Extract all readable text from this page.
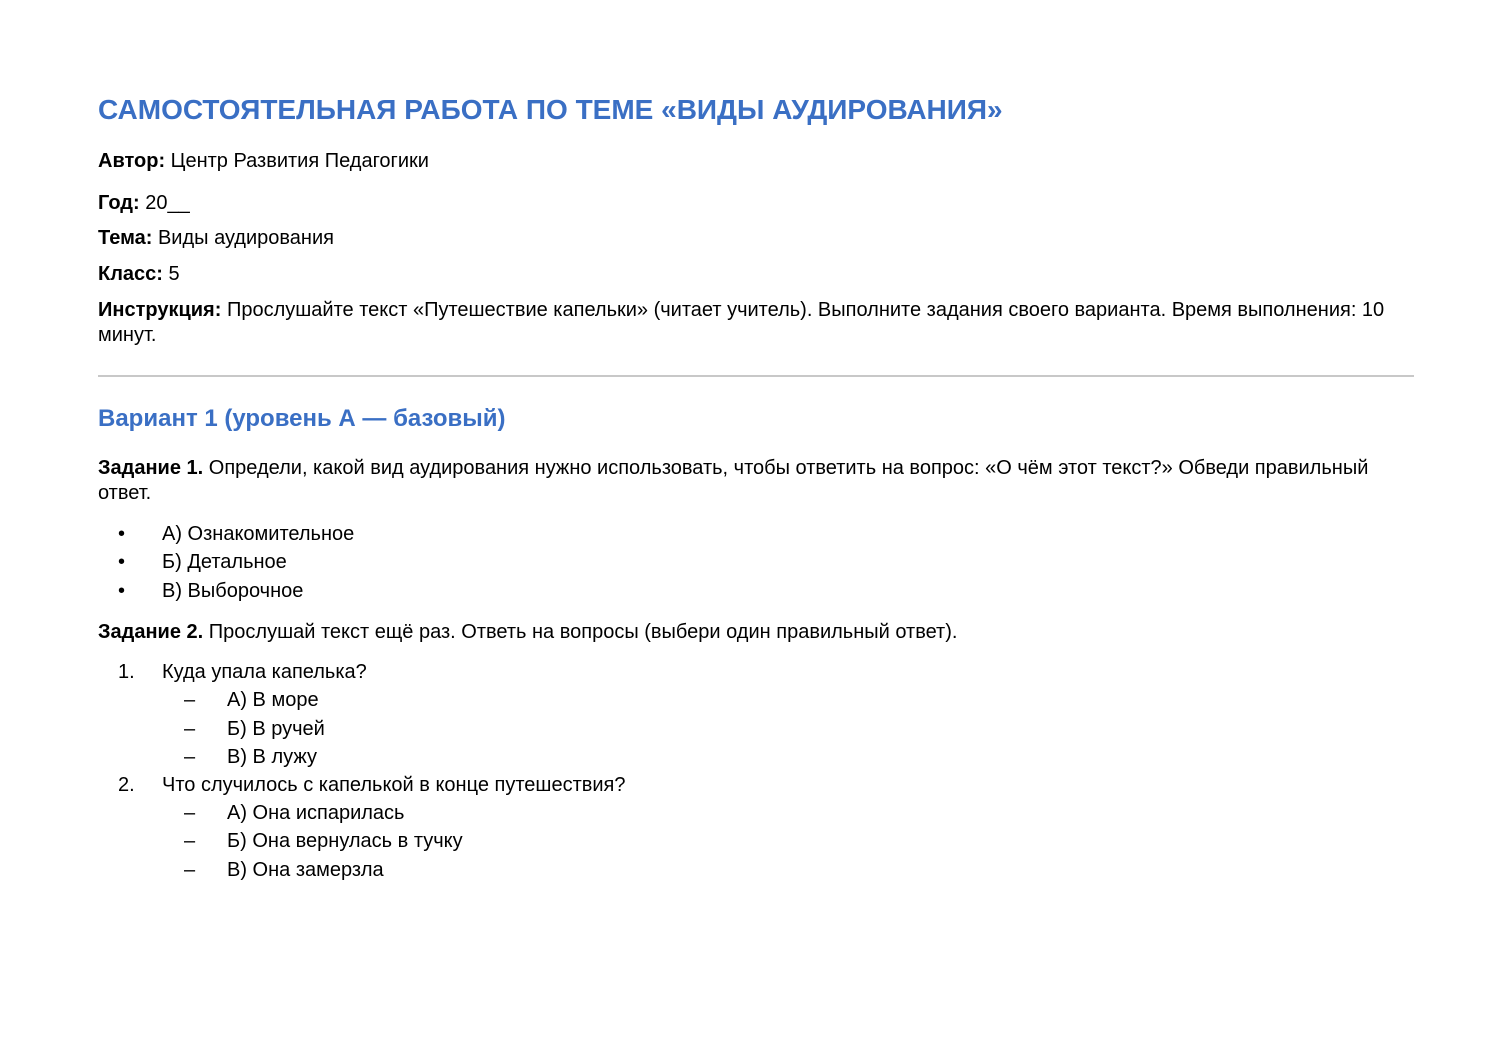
САМОСТОЯТЕЛЬНАЯ РАБОТА ПО ТЕМЕ «ВИДЫ АУДИРОВАНИЯ»
Автор: Центр Развития Педагогики
Год: 20__
Тема: Виды аудирования
Класс: 5
Инструкция: Прослушайте текст «Путешествие капельки» (читает учитель). Выполните задания своего варианта. Время выполнения: 10 минут.
Вариант 1 (уровень А — базовый)
Задание 1. Определи, какой вид аудирования нужно использовать, чтобы ответить на вопрос: «О чём этот текст?» Обведи правильный ответ.
• А) Ознакомительное
• Б) Детальное
• В) Выборочное
Задание 2. Прослушай текст ещё раз. Ответь на вопросы (выбери один правильный ответ).
1. Куда упала капелька?
– А) В море
– Б) В ручей
– В) В лужу
2. Что случилось с капелькой в конце путешествия?
– А) Она испарилась
– Б) Она вернулась в тучку
– В) Она замерзла
